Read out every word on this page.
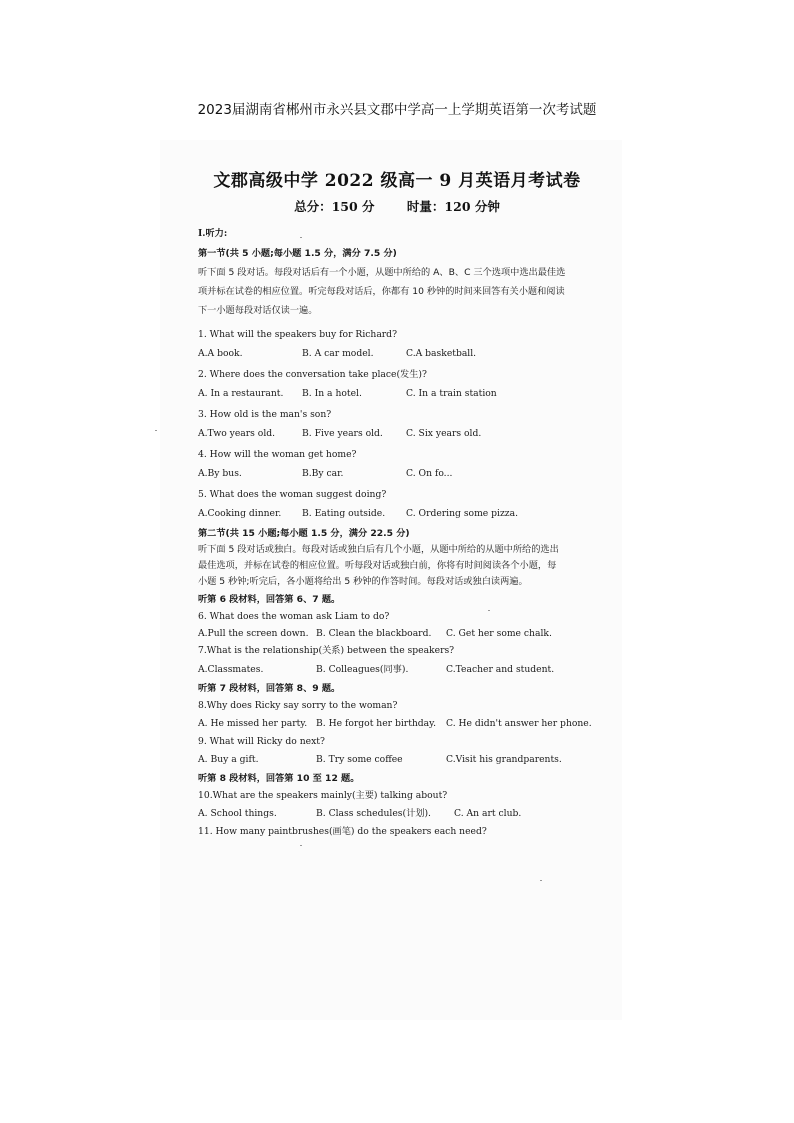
2023届湖南省郴州市永兴县文郡中学高一上学期英语第一次考试题
文郡高级中学 2022 级高一 9 月英语月考试卷
总分：150 分	时量：120 分钟
Ⅰ.听力:
第一节(共 5 小题;每小题 1.5 分，满分 7.5 分)
听下面 5 段对话。每段对话后有一个小题，从题中所给的 A、B、C 三个选项中选出最佳选
项并标在试卷的相应位置。听完每段对话后，你都有 10 秒钟的时间来回答有关小题和阅读
下一小题每段对话仅读一遍。
1. What will the speakers buy for Richard?
A.A book.	B. A car model.	C.A basketball.
2. Where does the conversation take place(发生)?
A. In a restaurant. B. In a hotel.	C. In a train station
3. How old is the man's son?
A.Two years old.	B. Five years old.	C. Six years old.
4. How will the woman get home?
A.By bus.	B.By car.	C. On fo...
5. What does the woman suggest doing?
A.Cooking dinner. B. Eating outside. C. Ordering some pizza.
第二节(共 15 小题;每小题 1.5 分，满分 22.5 分)
听下面 5 段对话或独白。每段对话或独白后有几个小题，从题中所给的从题中所给的选出
最佳选项，并标在试卷的相应位置。听每段对话或独白前，你将有时间阅读各个小题，每
小题 5 秒钟;听完后，各小题将给出 5 秒钟的作答时间。每段对话或独白读两遍。
听第 6 段材料，回答第 6、7 题。
6. What does the woman ask Liam to do?
A.Pull the screen down. B. Clean the blackboard. C. Get her some chalk.
7.What is the relationship(关系) between the speakers?
A.Classmates.	B. Colleagues(同事).	C.Teacher and student.
听第 7 段材料，回答第 8、9 题。
8.Why does Ricky say sorry to the woman?
A. He missed her party. B. He forgot her birthday. C. He didn't answer her phone.
9. What will Ricky do next?
A. Buy a gift.	B. Try some coffee	C.Visit his grandparents.
听第 8 段材料，回答第 10 至 12 题。
10.What are the speakers mainly(主要) talking about?
A. School things.	B. Class schedules(计划).	C. An art club.
11. How many paintbrushes(画笔) do the speakers each need?
